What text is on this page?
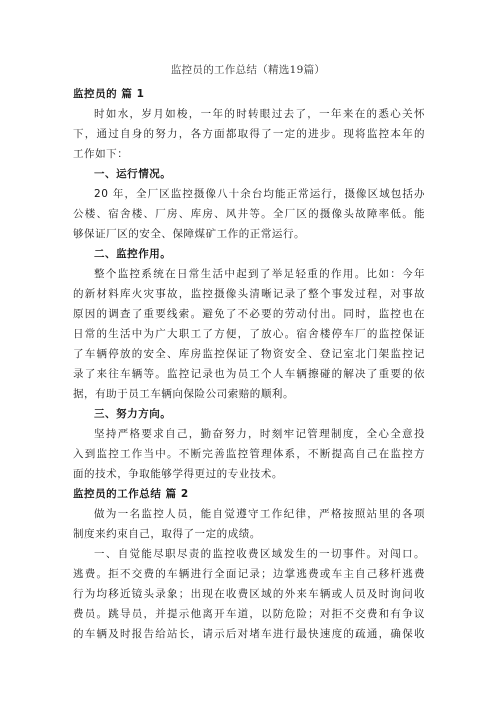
监控员的工作总结（精选19篇）
监控员的 篇 1
时如水，岁月如梭，一年的时转眼过去了，一年来在的悉心关怀
下，通过自身的努力，各方面都取得了一定的进步。现将监控本年的
工作如下：
一、运行情况。
20 年，全厂区监控摄像八十余台均能正常运行，摄像区域包括办
公楼、宿舍楼、厂房、库房、风井等。全厂区的摄像头故障率低。能
够保证厂区的安全、保障煤矿工作的正常运行。
二、监控作用。
整个监控系统在日常生活中起到了举足轻重的作用。比如：今年
的新材料库火灾事故，监控摄像头清晰记录了整个事发过程，对事故
原因的调查了重要线索。避免了不必要的劳动付出。同时，监控也在
日常的生活中为广大职工了方便，了放心。宿舍楼停车厂的监控保证
了车辆停放的安全、库房监控保证了物资安全、登记室北门架监控记
录了来往车辆等。监控记录也为员工个人车辆擦碰的解决了重要的依
据，有助于员工车辆向保险公司索赔的顺利。
三、努力方向。
坚持严格要求自己，勤奋努力，时刻牢记管理制度，全心全意投
入到监控工作当中。不断完善监控管理体系，不断提高自己在监控方
面的技术，争取能够学得更过的专业技术。
监控员的工作总结 篇 2
做为一名监控人员，能自觉遵守工作纪律，严格按照站里的各项
制度来约束自己，取得了一定的成绩。
一、自觉能尽职尽责的监控收费区域发生的一切事件。对闯口。
逃费。拒不交费的车辆进行全面记录；边掌逃费或车主自己移杆逃费
行为均移近镜头录象；出现在收费区域的外来车辆或人员及时询问收
费员。跳导员，并提示他离开车道，以防危险；对拒不交费和有争议
的车辆及时报告给站长，请示后对堵车进行最快速度的疏通，确保收
